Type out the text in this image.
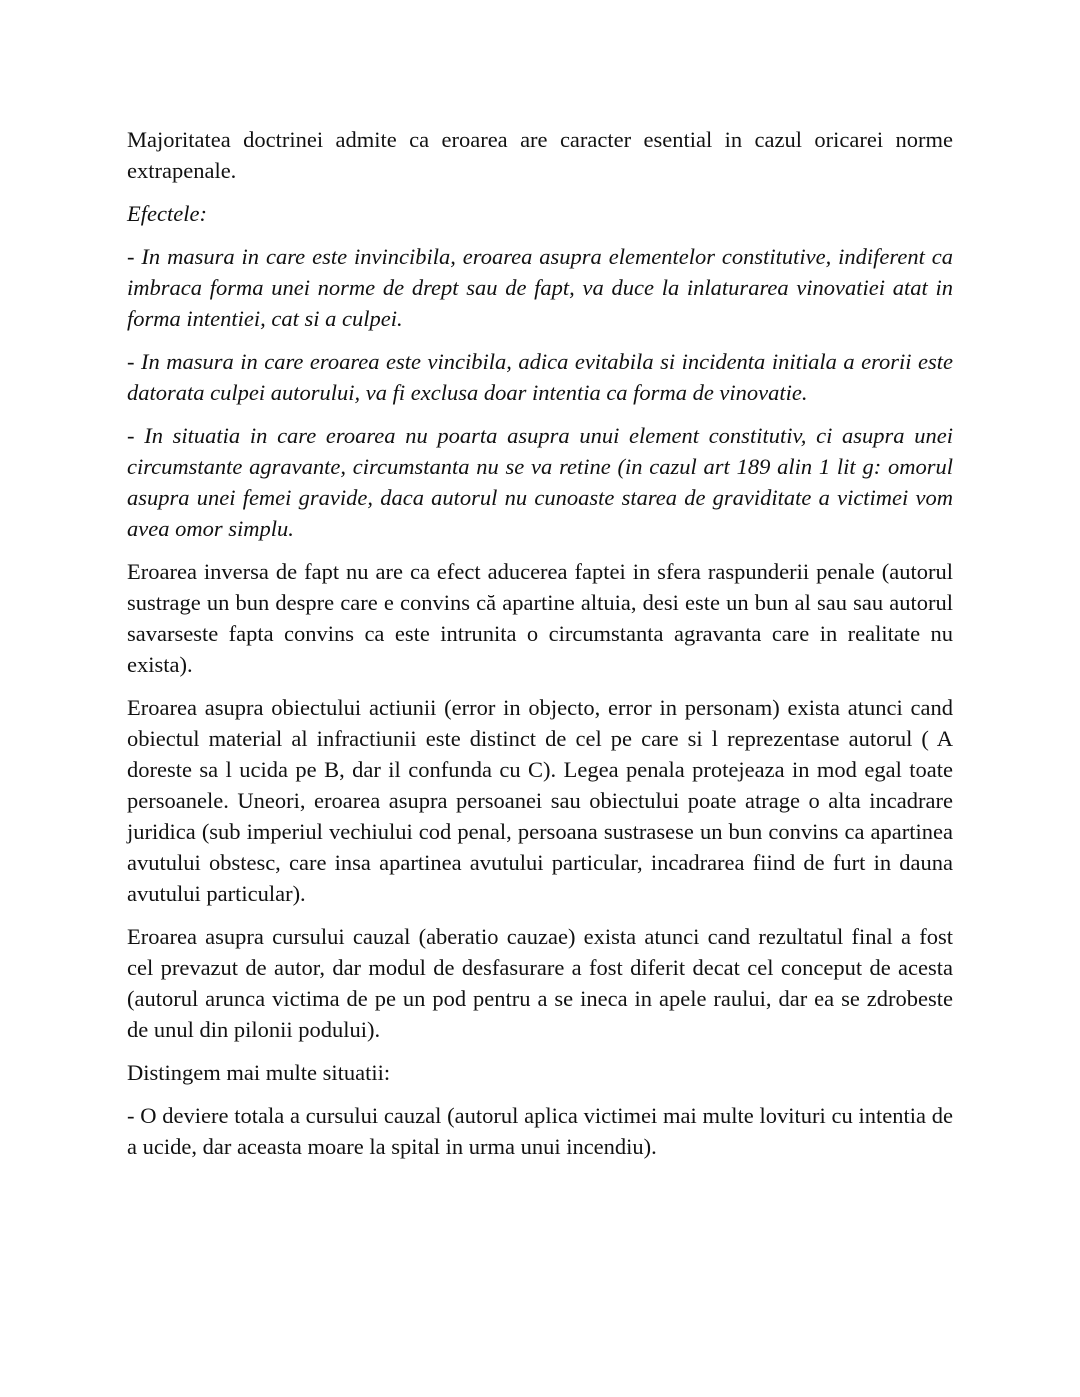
Majoritatea doctrinei admite ca eroarea are caracter esential in cazul oricarei norme extrapenale.

Efectele:

- In masura in care este invincibila, eroarea asupra elementelor constitutive, indiferent ca imbraca forma unei norme de drept sau de fapt, va duce la inlaturarea vinovatiei atat in forma intentiei, cat si a culpei.

- In masura in care eroarea este vincibila, adica evitabila si incidenta initiala a erorii este datorata culpei autorului, va fi exclusa doar intentia ca forma de vinovatie.

- In situatia in care eroarea nu poarta asupra unui element constitutiv, ci asupra unei circumstante agravante, circumstanta nu se va retine (in cazul art 189 alin 1 lit g: omorul asupra unei femei gravide, daca autorul nu cunoaste starea de graviditate a victimei vom avea omor simplu.

Eroarea inversa de fapt nu are ca efect aducerea faptei in sfera raspunderii penale (autorul sustrage un bun despre care e convins că apartine altuia, desi este un bun al sau sau autorul savarseste fapta convins ca este intrunita o circumstanta agravanta care in realitate nu exista).

Eroarea asupra obiectului actiunii (error in objecto, error in personam) exista atunci cand obiectul material al infractiunii este distinct de cel pe care si l reprezentase autorul ( A doreste sa l ucida pe B, dar il confunda cu C). Legea penala protejeaza in mod egal toate persoanele. Uneori, eroarea asupra persoanei sau obiectului poate atrage o alta incadrare juridica (sub imperiul vechiului cod penal, persoana sustrasese un bun convins ca apartinea avutului obstesc, care insa apartinea avutului particular, incadrarea fiind de furt in dauna avutului particular).

Eroarea asupra cursului cauzal (aberatio cauzae) exista atunci cand rezultatul final a fost cel prevazut de autor, dar modul de desfasurare a fost diferit decat cel conceput de acesta (autorul arunca victima de pe un pod pentru a se ineca in apele raului, dar ea se zdrobeste de unul din pilonii podului).

Distingem mai multe situatii:

- O deviere totala a cursului cauzal (autorul aplica victimei mai multe lovituri cu intentia de a ucide, dar aceasta moare la spital in urma unui incendiu).
